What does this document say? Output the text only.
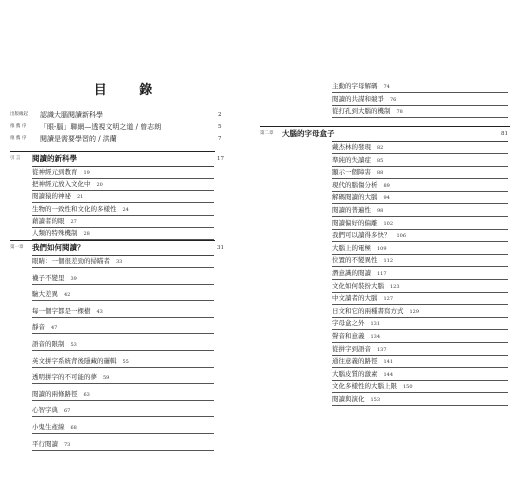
目 錄
出版緣起 認識大腦閱讀新科學	2
推 薦 序 「眼-腦」聯網—透視文明之道 / 曾志朗	5
推 薦 序 閱讀是需要學習的 / 洪蘭	7
引 言 閱讀的新科學	17
從神經元到教育 19
把神經元放入文化中 20
閱讀猿的神祕 21
生物的一致性和文化的多樣性 24
藉讀者的眼 27
人類的特殊機制 28
第一章 我們如何閱讀？	31
眼睛：一個很差勁的掃瞄者 33
襪子不變里 39
驗大差異 42
每一個字都是一棵樹 43
靜音 47
語音的限制 53
英文拼字系統背後隱藏的邏輯 55
透明拼字的不可能的夢 59
閱讀的兩條路徑 63
心智字典 67
小鬼生產線 68
平行閱讀 73
主動的字母解碼 74
閱讀的共謀和競爭 76
從打孔到大腦的機制 78
第二章 大腦的字母盒子	81
戴杰林的發現 82
準純的失讀症 85
顯示一個障害 88
現代的腦傷分析 89
解碼閱讀的大腦 94
閱讀的普遍性 98
閱讀偏好的偏離 102
我們可以讀得多快？ 106
大腦上的電極 109
位置的不變異性 112
潛意識的閱讀 117
文化如何裝扮大腦 123
中文讀者的大腦 127
日文和它的兩種書寫方式 129
字母盒之外 131
聲音和意義 134
從拼字到語音 137
通往意義的路徑 141
大腦皮質的激素 144
文化多樣性的大腦上限 150
閱讀與演化 153
